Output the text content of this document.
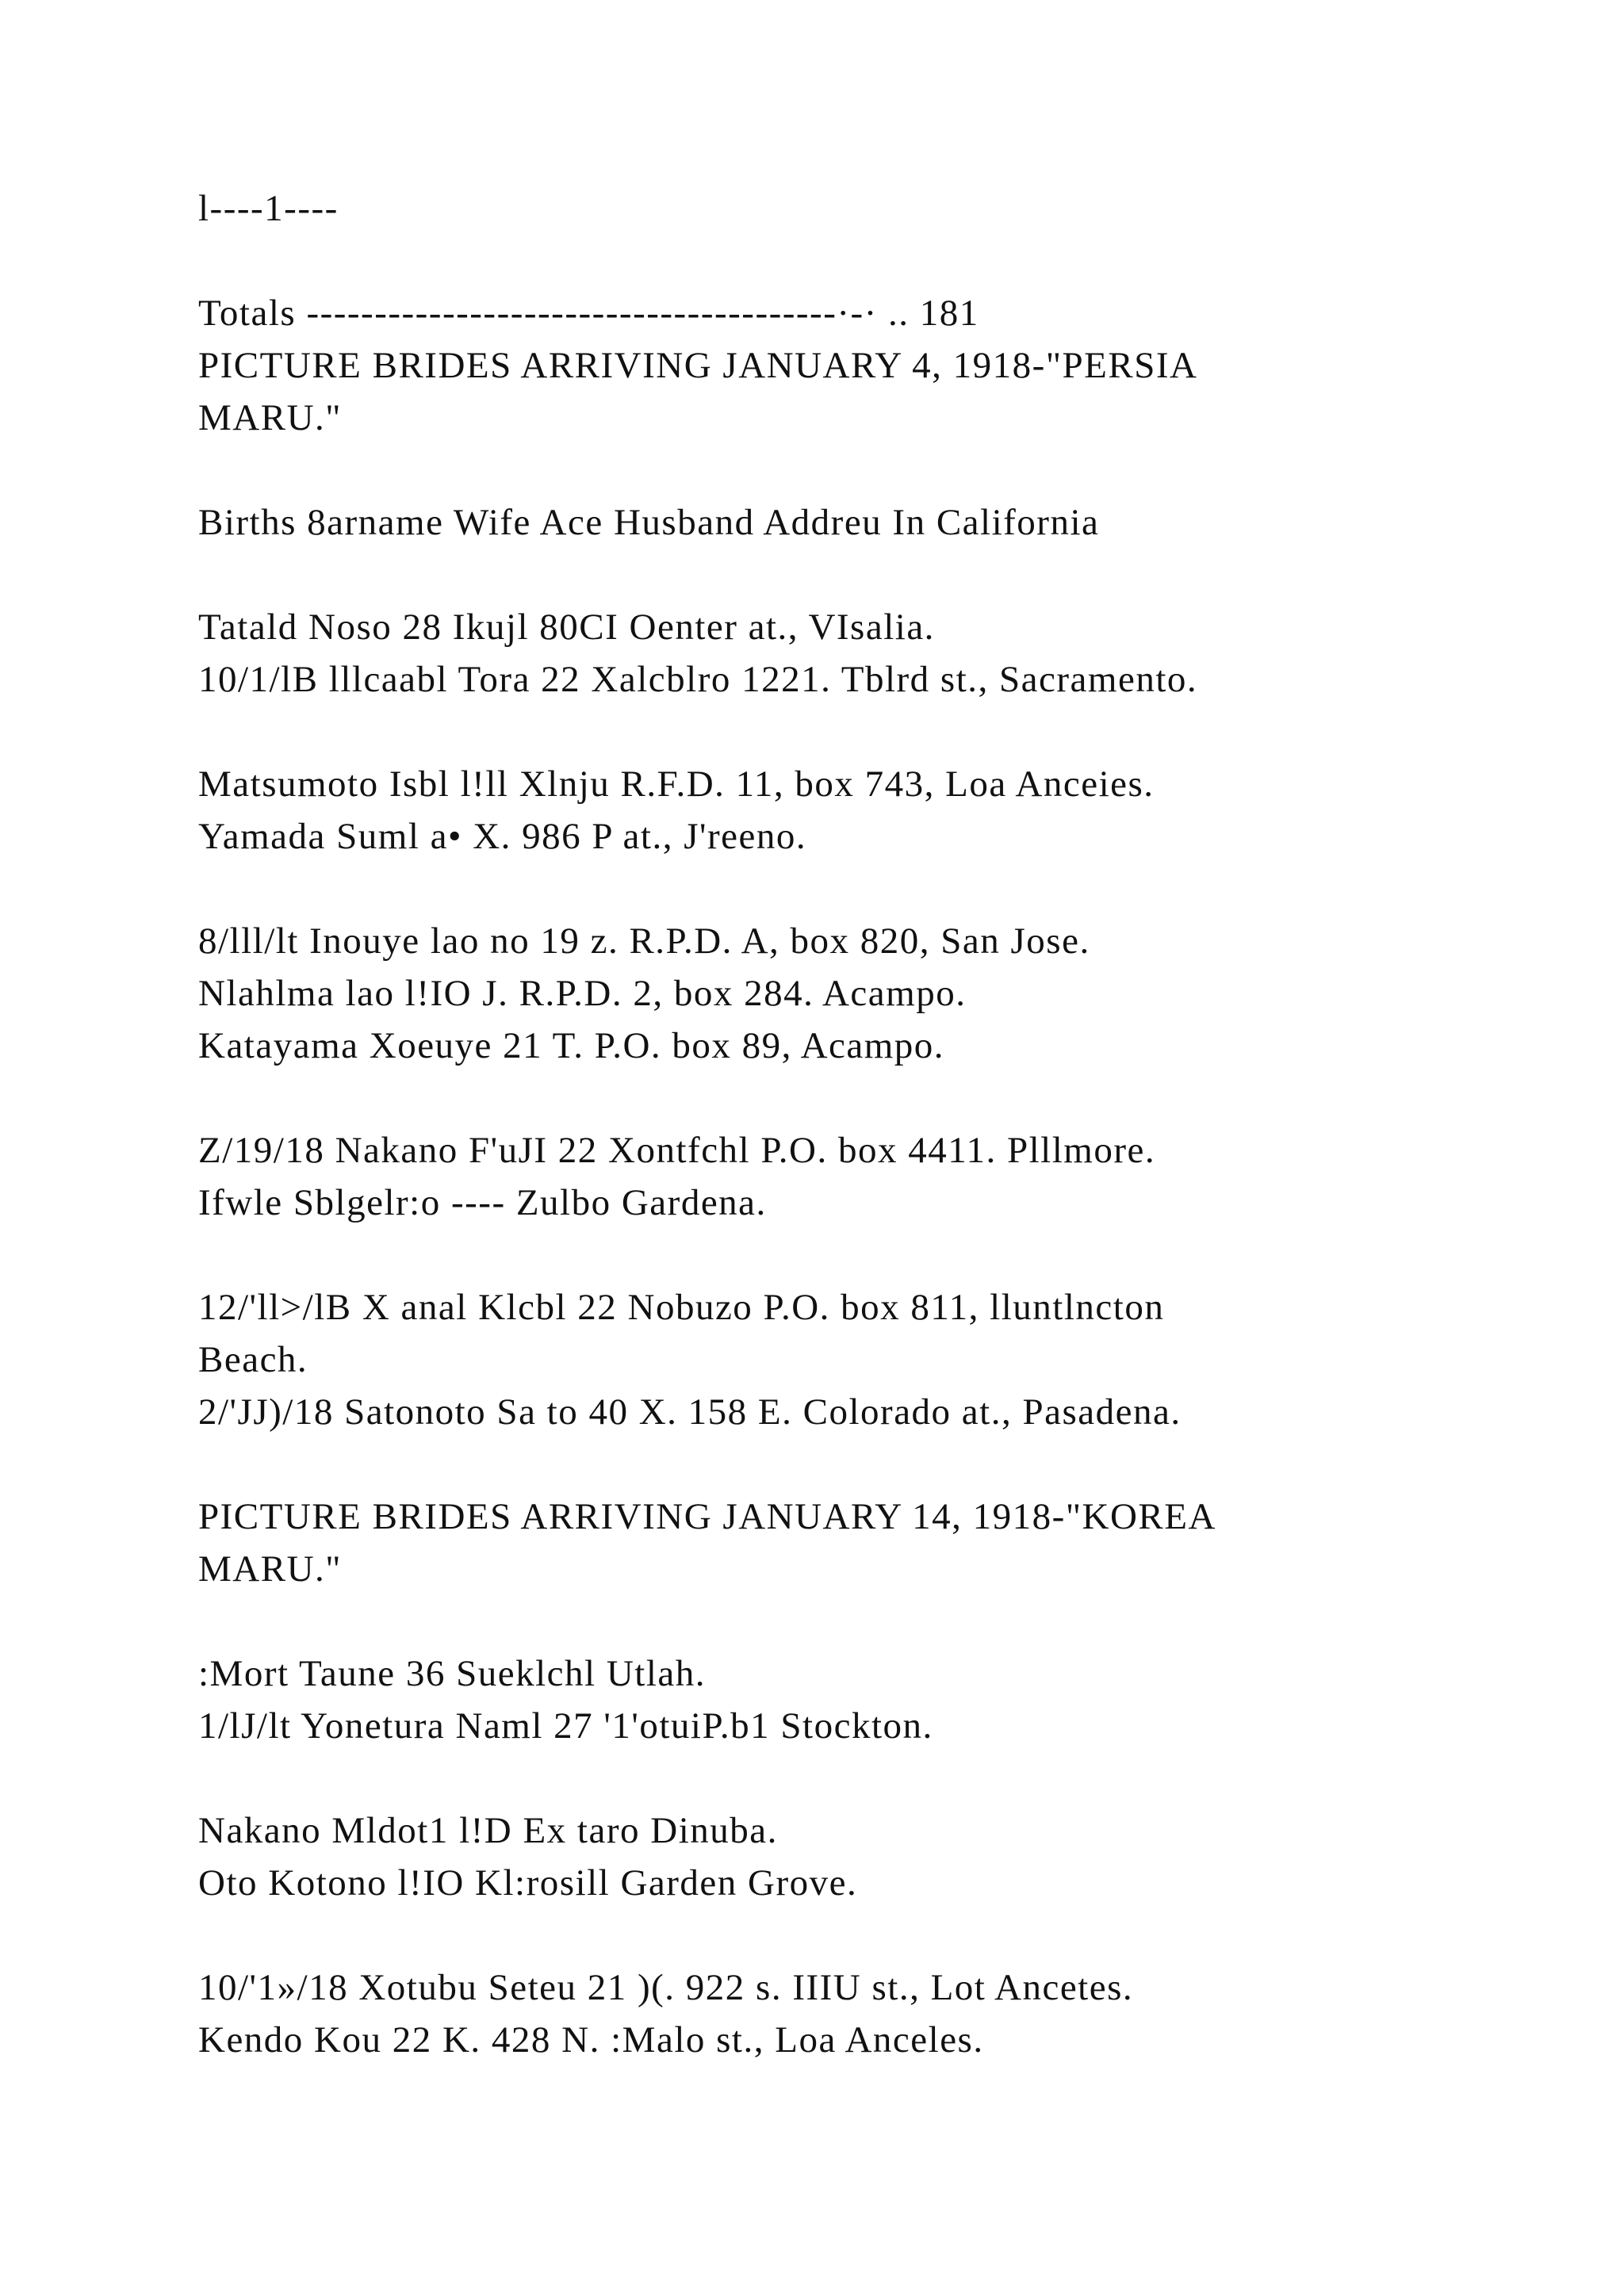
l----1----
Totals ---------------------------------------·-· .. 181
PICTURE BRIDES ARRIVING JANUARY 4, 1918-"PERSIA
MARU."
Births 8arname Wife Ace Husband Addreu In California
Tatald Noso 28 Ikujl 80CI Oenter at., VIsalia.
10/1/lB lllcaabl Tora 22 Xalcblro 1221. Tblrd st., Sacramento.
Matsumoto Isbl l!ll Xlnju R.F.D. 11, box 743, Loa Anceies.
Yamada Suml a• X. 986 P at., J'reeno.
8/lll/lt Inouye lao no 19 z. R.P.D. A, box 820, San Jose.
Nlahlma lao l!IO J. R.P.D. 2, box 284. Acampo.
Katayama Xoeuye 21 T. P.O. box 89, Acampo.
Z/19/18 Nakano F'uJI 22 Xontfchl P.O. box 4411. Plllmore.
Ifwle Sblgelr:o ---- Zulbo Gardena.
12/'ll>/lB X anal Klcbl 22 Nobuzo P.O. box 811, lluntlncton
Beach.
2/'JJ)/18 Satonoto Sa to 40 X. 158 E. Colorado at., Pasadena.
PICTURE BRIDES ARRIVING JANUARY 14, 1918-"KOREA
MARU."
:Mort Taune 36 Sueklchl Utlah.
1/lJ/lt Yonetura Naml 27 '1'otuiP.b1 Stockton.
Nakano Mldot1 l!D Ex taro Dinuba.
Oto Kotono l!IO Kl:rosill Garden Grove.
10/'1»/18 Xotubu Seteu 21 )(. 922 s. IIIU st., Lot Ancetes.
Kendo Kou 22 K. 428 N. :Malo st., Loa Anceles.
